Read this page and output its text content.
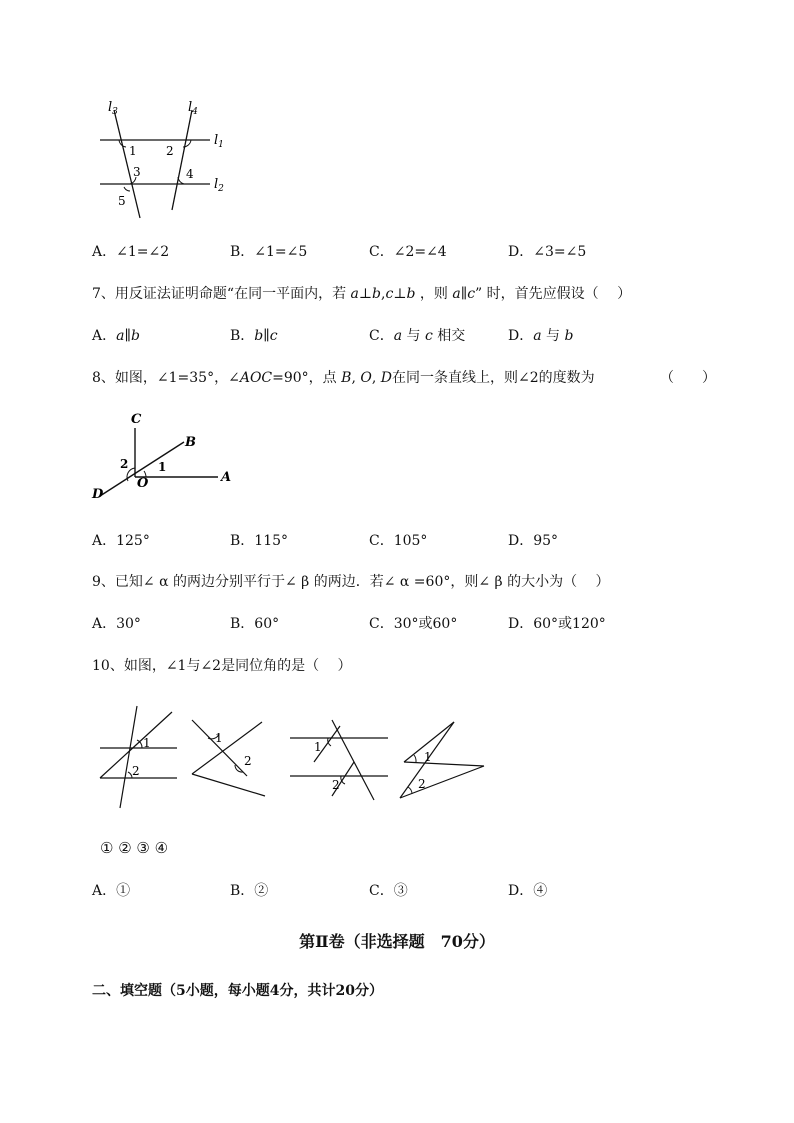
$l_3$	$l_4$
$l_1$
$l_2$
1 2
3	4
5
A．∠1=∠2	B．∠1=∠5	C．∠2=∠4	D．∠3=∠5
7、用反证法证明命题“在同一平面内，若 a⊥b,c⊥b ，则 a∥c” 时，首先应假设（　 ）
A．a∥b	B．b∥c	C．a 与 c 相交	D．a 与 b
8、如图，∠1=35°，∠AOC=90°，点 B, O, D在同一条直线上，则∠2的度数为	（　　）
C
B
A
O
D
1
2
A．125°	B．115°	C．105°	D．95°
9、已知∠ α 的两边分别平行于∠ β 的两边．若∠ α =60°，则∠ β 的大小为（　 ）
A．30°	B．60°	C．30°或60°	D．60°或120°
10、如图，∠1与∠2是同位角的是（　 ）
1
2
1
2
1
2
1
2
① ② ③ ④
A．①	B．②	C．③	D．④
第Ⅱ卷（非选择题　70分）
二、填空题（5小题，每小题4分，共计20分）
